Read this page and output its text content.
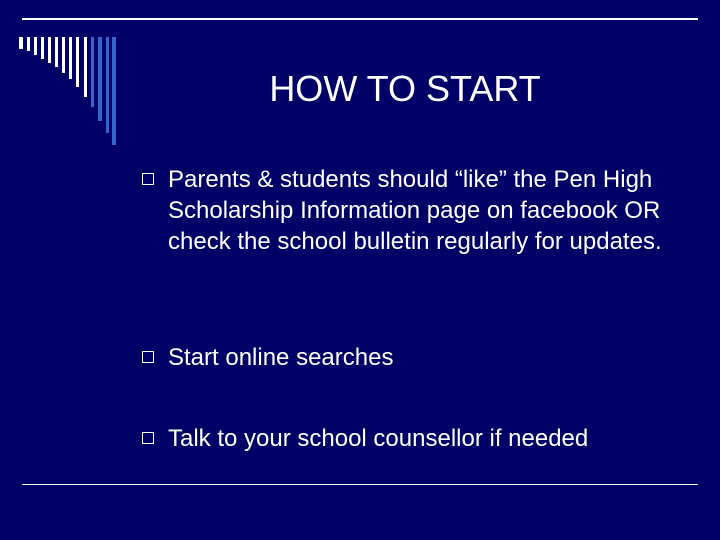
HOW TO START
Parents & students should “like” the Pen High Scholarship Information page on facebook OR check the school bulletin regularly for updates.
Start online searches
Talk to your school counsellor if needed
